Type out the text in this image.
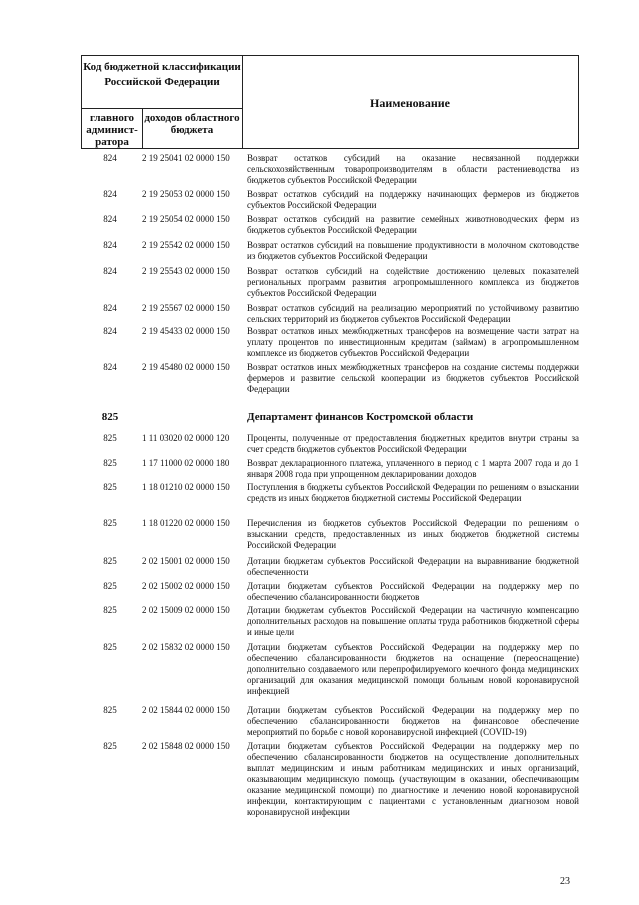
Код бюджетной классификации Российской Федерации
главного админист-ратора
доходов областного бюджета
Наименование
824	2 19 25041 02 0000 150	Возврат остатков субсидий на оказание несвязанной поддержки сельскохозяйственным товаропроизводителям в области растениеводства из бюджетов субъектов Российской Федерации
824	2 19 25053 02 0000 150	Возврат остатков субсидий на поддержку начинающих фермеров из бюджетов субъектов Российской Федерации
824	2 19 25054 02 0000 150	Возврат остатков субсидий на развитие семейных животноводческих ферм из бюджетов субъектов Российской Федерации
824	2 19 25542 02 0000 150	Возврат остатков субсидий на повышение продуктивности в молочном скотоводстве из бюджетов субъектов Российской Федерации
824	2 19 25543 02 0000 150	Возврат остатков субсидий на содействие достижению целевых показателей региональных программ развития агропромышленного комплекса из бюджетов субъектов Российской Федерации
824	2 19 25567 02 0000 150	Возврат остатков субсидий на реализацию мероприятий по устойчивому развитию сельских территорий из бюджетов субъектов Российской Федерации
824	2 19 45433 02 0000 150	Возврат остатков иных межбюджетных трансферов на возмещение части затрат на уплату процентов по инвестиционным кредитам (займам) в агропромышленном комплексе из бюджетов субъектов Российской Федерации
824	2 19 45480 02 0000 150	Возврат остатков иных межбюджетных трансферов на создание системы поддержки фермеров и развитие сельской кооперации из бюджетов субъектов Российской Федерации
825	Департамент финансов Костромской области
825	1 11 03020 02 0000 120	Проценты, полученные от предоставления бюджетных кредитов внутри страны за счет средств бюджетов субъектов Российской Федерации
825	1 17 11000 02 0000 180	Возврат декларационного платежа, уплаченного в период с 1 марта 2007 года и до 1 января 2008 года при упрощенном декларировании доходов
825	1 18 01210 02 0000 150	Поступления в бюджеты субъектов Российской Федерации по решениям о взыскании средств из иных бюджетов бюджетной системы Российской Федерации
825	1 18 01220 02 0000 150	Перечисления из бюджетов субъектов Российской Федерации по решениям о взыскании средств, предоставленных из иных бюджетов бюджетной системы Российской Федерации
825	2 02 15001 02 0000 150	Дотации бюджетам субъектов Российской Федерации на выравнивание бюджетной обеспеченности
825	2 02 15002 02 0000 150	Дотации бюджетам субъектов Российской Федерации на поддержку мер по обеспечению сбалансированности бюджетов
825	2 02 15009 02 0000 150	Дотации бюджетам субъектов Российской Федерации на частичную компенсацию дополнительных расходов на повышение оплаты труда работников бюджетной сферы и иные цели
825	2 02 15832 02 0000 150	Дотации бюджетам субъектов Российской Федерации на поддержку мер по обеспечению сбалансированности бюджетов на оснащение (переоснащение) дополнительно создаваемого или перепрофилируемого коечного фонда медицинских организаций для оказания медицинской помощи больным новой коронавирусной инфекцией
825	2 02 15844 02 0000 150	Дотации бюджетам субъектов Российской Федерации на поддержку мер по обеспечению сбалансированности бюджетов на финансовое обеспечение мероприятий по борьбе с новой коронавирусной инфекцией (COVID-19)
825	2 02 15848 02 0000 150	Дотации бюджетам субъектов Российской Федерации на поддержку мер по обеспечению сбалансированности бюджетов на осуществление дополнительных выплат медицинским и иным работникам медицинских и иных организаций, оказывающим медицинскую помощь (участвующим в оказании, обеспечивающим оказание медицинской помощи) по диагностике и лечению новой коронавирусной инфекции, контактирующим с пациентами с установленным диагнозом новой коронавирусной инфекции
23
